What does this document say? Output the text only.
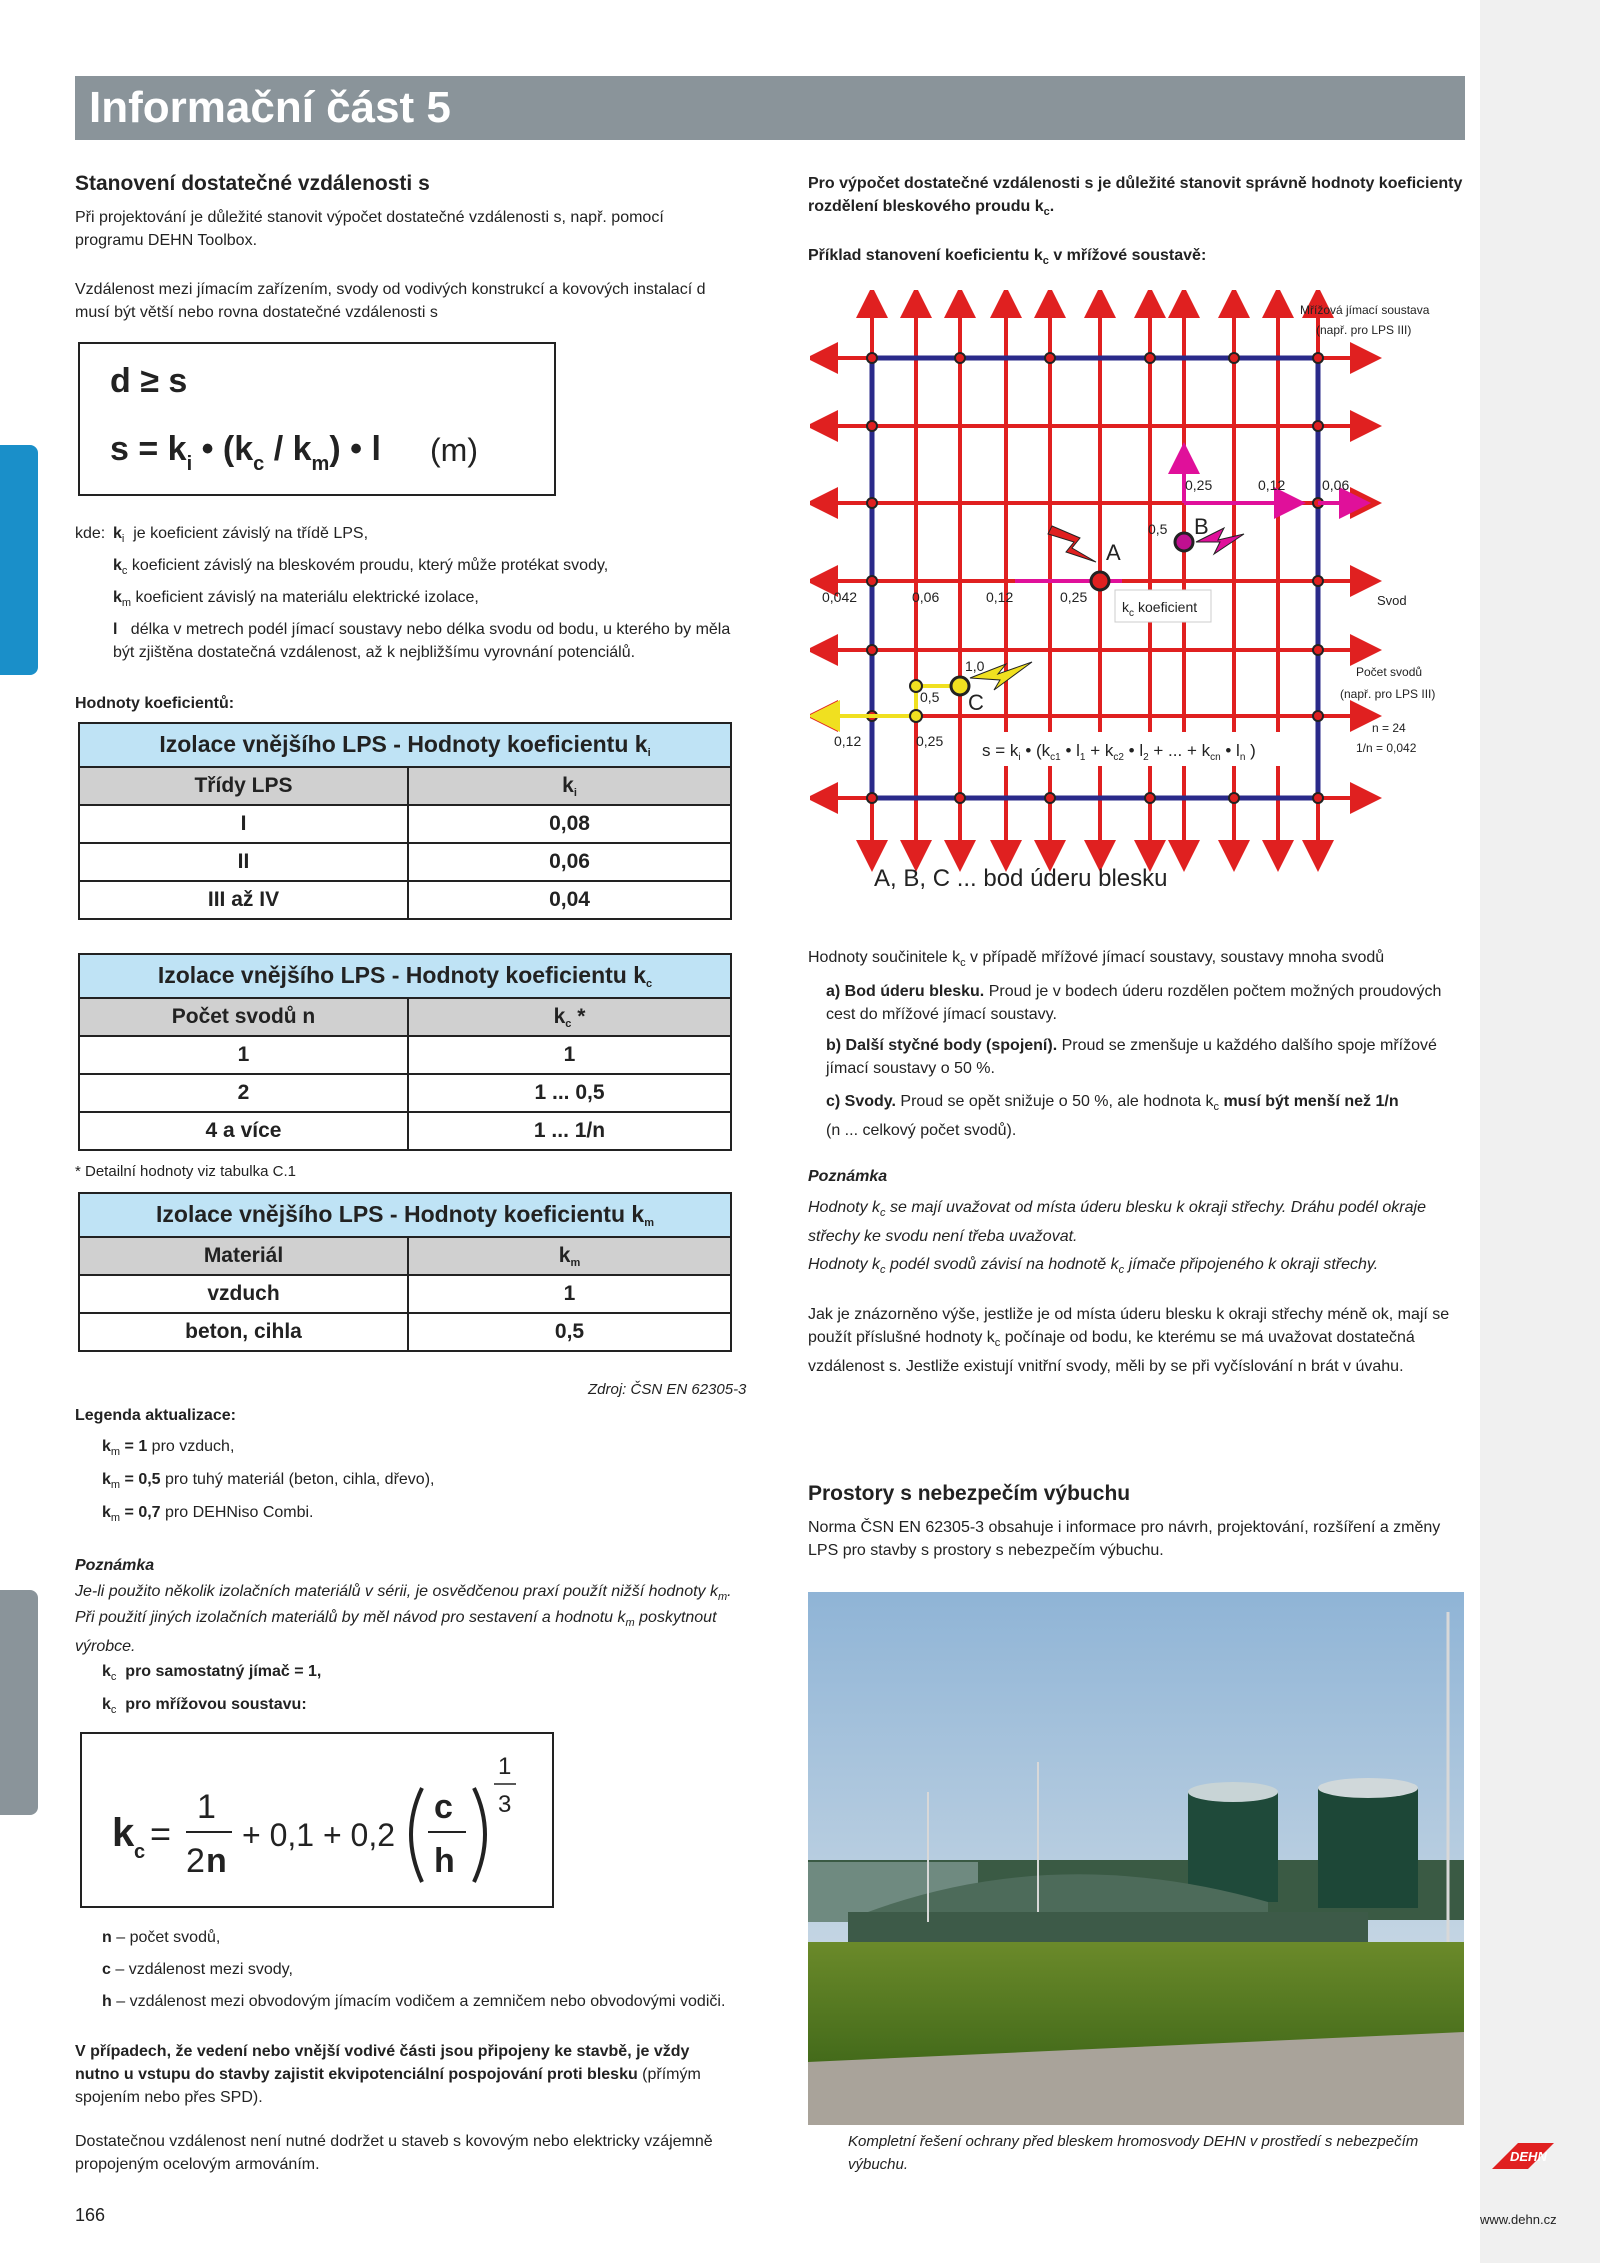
Informační část 5
Stanovení dostatečné vzdálenosti s
Při projektování je důležité stanovit výpočet dostatečné vzdálenosti s, např. pomocí programu DEHN Toolbox.
Vzdálenost mezi jímacím zařízením, svody od vodivých konstrukcí a kovových instalací d musí být větší nebo rovna dostatečné vzdálenosti s
d ≥ s
$s = k_i$ • $(k_c / k_m)$ • l (m)
kde: $k_i$ je koeficient závislý na třídě LPS,
$k_c$ koeficient závislý na bleskovém proudu, který může protékat svody,
$k_m$ koeficient závislý na materiálu elektrické izolace,
l délka v metrech podél jímací soustavy nebo délka svodu od bodu, u kterého by měla být zjištěna dostatečná vzdálenost, až k nejbližšímu vyrovnání potenciálů.
Hodnoty koeficientů:
Izolace vnějšího LPS - Hodnoty koeficientu $k_i$
Třídy LPS	$k_i$
I	0,08
II	0,06
III až IV	0,04
Izolace vnějšího LPS - Hodnoty koeficientu $k_c$
Počet svodů n	$k_c$ *
1	1
2	1 ... 0,5
4 a více	1 ... 1/n
* Detailní hodnoty viz tabulka C.1
Izolace vnějšího LPS - Hodnoty koeficientu $k_m$
Materiál	$k_m$
vzduch	1
beton, cihla	0,5
Zdroj: ČSN EN 62305-3
Legenda aktualizace:
$k_m = 1$ pro vzduch,
$k_m = 0,5$ pro tuhý materiál (beton, cihla, dřevo),
$k_m = 0,7$ pro DEHNiso Combi.
Poznámka
Je-li použito několik izolačních materiálů v sérii, je osvědčenou praxí použít nižší hodnoty $k_m$.
Při použití jiných izolačních materiálů by měl návod pro sestavení a hodnotu $k_m$ poskytnout výrobce.
$k_c$ pro samostatný jímač = 1,
$k_c$ pro mřížovou soustavu:
k c =
1
2 n
+ 0,1 + 0,2
c
h
1
3
n – počet svodů,
c – vzdálenost mezi svody,
h – vzdálenost mezi obvodovým jímacím vodičem a zemničem nebo obvodovými vodiči.
V případech, že vedení nebo vnější vodivé části jsou připojeny ke stavbě, je vždy nutno u vstupu do stavby zajistit ekvipotenciální pospojování proti blesku (přímým spojením nebo přes SPD).
Dostatečnou vzdálenost není nutné dodržet u staveb s kovovým nebo elektricky vzájemně propojeným ocelovým armováním.
Pro výpočet dostatečné vzdálenosti s je důležité stanovit správně hodnoty koeficienty rozdělení bleskového proudu $k_c$.
Příklad stanovení koeficientu $k_c$ v mřížové soustavě:
Mřížová jímací soustava
(např. pro LPS III)
Svod
Počet svodů
(např. pro LPS III)
n = 24
1/n = 0,042
0,25	0,12	0,06
0,5
0,042	0,06	0,12	0,25
1,0
0,5
0,12	0,25
A
B
C
$k_c$ koeficient
$s = k_i$ • ($k_{c1}$ • $l_1 + k_{c2}$ • $l_2$ + ... + $k_{cn}$ • $l_n$ )
A, B, C ... bod úderu blesku
Hodnoty součinitele $k_c$ v případě mřížové jímací soustavy, soustavy mnoha svodů
a) Bod úderu blesku. Proud je v bodech úderu rozdělen počtem možných proudových cest do mřížové jímací soustavy.
b) Další styčné body (spojení). Proud se zmenšuje u každého dalšího spoje mřížové jímací soustavy o 50 %.
c) Svody. Proud se opět snižuje o 50 %, ale hodnota $k_c$ musí být menší než 1/n
(n ... celkový počet svodů).
Poznámka
Hodnoty $k_c$ se mají uvažovat od místa úderu blesku k okraji střechy. Dráhu podél okraje střechy ke svodu není třeba uvažovat.
Hodnoty $k_c$ podél svodů závisí na hodnotě $k_c$ jímače připojeného k okraji střechy.
Jak je znázorněno výše, jestliže je od místa úderu blesku k okraji střechy méně ok, mají se použít příslušné hodnoty $k_c$ počínaje od bodu, ke kterému se má uvažovat dostatečná vzdálenost s. Jestliže existují vnitřní svody, měli by se při vyčíslování n brát v úvahu.
Prostory s nebezpečím výbuchu
Norma ČSN EN 62305-3 obsahuje i informace pro návrh, projektování, rozšíření a změny LPS pro stavby s prostory s nebezpečím výbuchu.
Kompletní řešení ochrany před bleskem hromosvody DEHN v prostředí s nebezpečím výbuchu.
166
DEHN
www.dehn.cz
